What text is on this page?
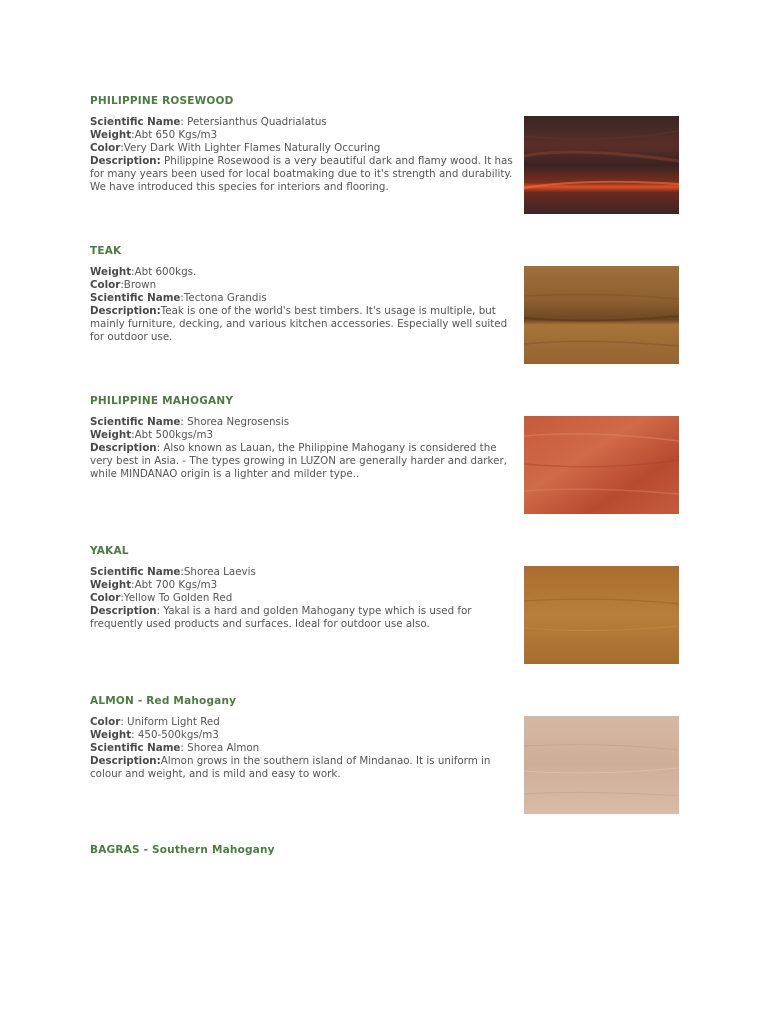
PHILIPPINE ROSEWOOD

Scientific Name: Petersianthus Quadrialatus

Weight:Abt 650 Kgs/m3

Color:Very Dark With Lighter Flames Naturally Occuring

Description: Philippine Rosewood is a very beautiful dark and flamy wood. It has for many years been used for local boatmaking due to it's strength and durability. We have introduced this species for interiors and flooring.

TEAK

Weight:Abt 600kgs.

Color:Brown

Scientific Name:Tectona Grandis

Description:Teak is one of the world's best timbers. It's usage is multiple, but mainly furniture, decking, and various kitchen accessories. Especially well suited for outdoor use.

PHILIPPINE MAHOGANY

Scientific Name: Shorea Negrosensis

Weight:Abt 500kgs/m3

Description: Also known as Lauan, the Philippine Mahogany is considered the very best in Asia. - The types growing in LUZON are generally harder and darker, while MINDANAO origin is a lighter and milder type..

YAKAL

Scientific Name:Shorea Laevis

Weight:Abt 700 Kgs/m3

Color:Yellow To Golden Red

Description: Yakal is a hard and golden Mahogany type which is used for frequently used products and surfaces. Ideal for outdoor use also.

ALMON - Red Mahogany

Color: Uniform Light Red

Weight: 450-500kgs/m3

Scientific Name: Shorea Almon

Description:Almon grows in the southern island of Mindanao. It is uniform in colour and weight, and is mild and easy to work.

BAGRAS - Southern Mahogany
